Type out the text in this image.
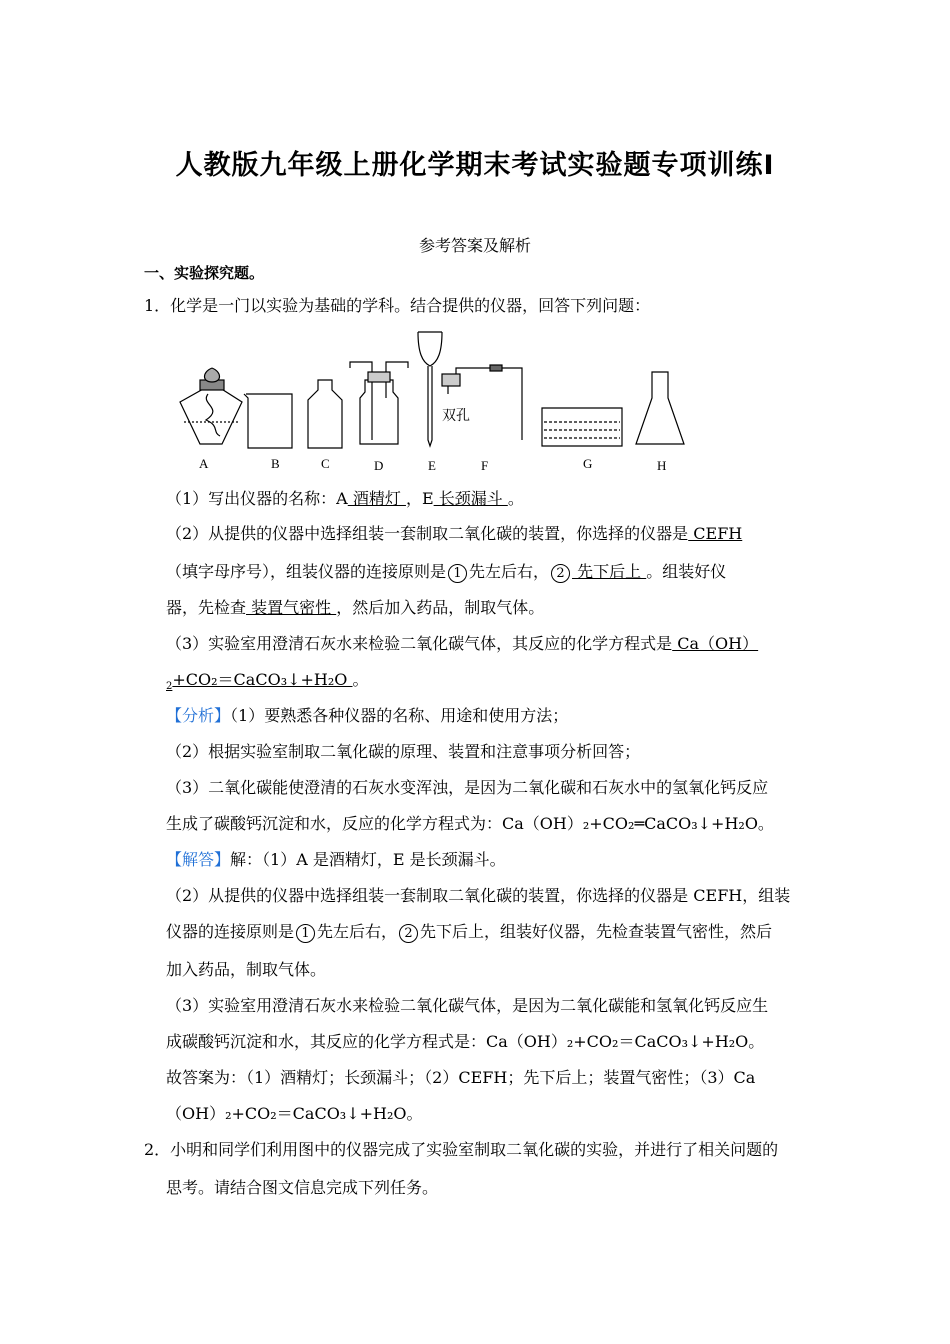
人教版九年级上册化学期末考试实验题专项训练Ⅰ
参考答案及解析
一、实验探究题。
1．化学是一门以实验为基础的学科。结合提供的仪器，回答下列问题：
双孔
A	B	C	D	E	F	G	H
（1）写出仪器的名称：A 酒精灯 ，E 长颈漏斗 。
（2）从提供的仪器中选择组装一套制取二氧化碳的装置，你选择的仪器是 CEFH
（填字母序号），组装仪器的连接原则是 1 先左后右， 2 先下后上 。组装好仪
器，先检查 装置气密性 ，然后加入药品，制取气体。
（3）实验室用澄清石灰水来检验二氧化碳气体，其反应的化学方程式是 Ca（OH）
$_2$+CO₂＝CaCO₃↓+H₂O 。
【分析】（1）要熟悉各种仪器的名称、用途和使用方法；
（2）根据实验室制取二氧化碳的原理、装置和注意事项分析回答；
（3）二氧化碳能使澄清的石灰水变浑浊，是因为二氧化碳和石灰水中的氢氧化钙反应
生成了碳酸钙沉淀和水，反应的化学方程式为：Ca（OH）₂+CO₂═CaCO₃↓+H₂O。
【解答】解：（1）A 是酒精灯，E 是长颈漏斗。
（2）从提供的仪器中选择组装一套制取二氧化碳的装置，你选择的仪器是 CEFH，组装
仪器的连接原则是 1 先左后右， 2 先下后上，组装好仪器，先检查装置气密性，然后
加入药品，制取气体。
（3）实验室用澄清石灰水来检验二氧化碳气体，是因为二氧化碳能和氢氧化钙反应生
成碳酸钙沉淀和水，其反应的化学方程式是：Ca（OH）₂+CO₂＝CaCO₃↓+H₂O。
故答案为：（1）酒精灯；长颈漏斗；（2）CEFH；先下后上；装置气密性；（3）Ca
（OH）₂+CO₂＝CaCO₃↓+H₂O。
2．小明和同学们利用图中的仪器完成了实验室制取二氧化碳的实验，并进行了相关问题的
思考。请结合图文信息完成下列任务。
